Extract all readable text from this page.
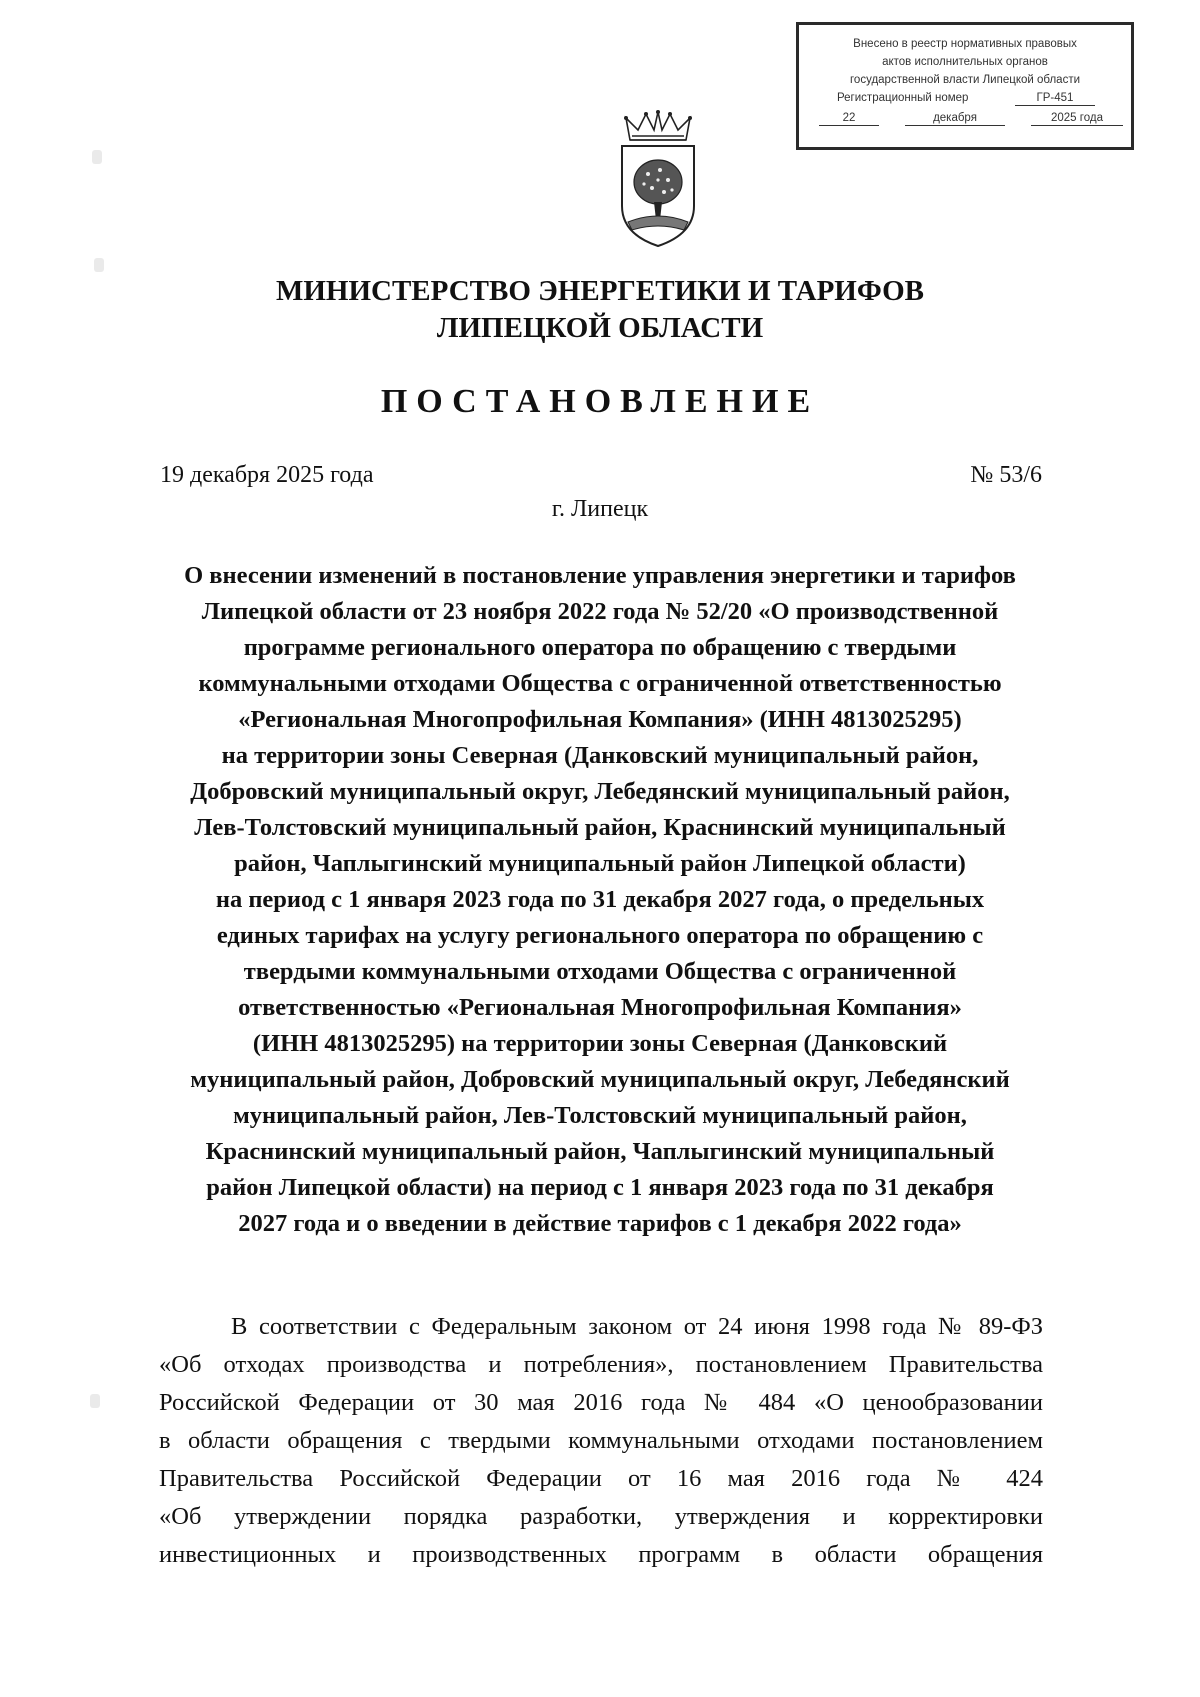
Внесено в реестр нормативных правовых
актов исполнительных органов
государственной власти Липецкой области
Регистрационный номер	ГР-451
22	декабря	2025 года
МИНИСТЕРСТВО ЭНЕРГЕТИКИ И ТАРИФОВ
ЛИПЕЦКОЙ ОБЛАСТИ
ПОСТАНОВЛЕНИЕ
19 декабря 2025 года	№ 53/6
г. Липецк
О внесении изменений в постановление управления энергетики и тарифов
Липецкой области от 23 ноября 2022 года № 52/20 «О производственной
программе регионального оператора по обращению с твердыми
коммунальными отходами Общества с ограниченной ответственностью
«Региональная Многопрофильная Компания» (ИНН 4813025295)
на территории зоны Северная (Данковский муниципальный район,
Добровский муниципальный округ, Лебедянский муниципальный район,
Лев-Толстовский муниципальный район, Краснинский муниципальный
район, Чаплыгинский муниципальный район Липецкой области)
на период с 1 января 2023 года по 31 декабря 2027 года, о предельных
единых тарифах на услугу регионального оператора по обращению с
твердыми коммунальными отходами Общества с ограниченной
ответственностью «Региональная Многопрофильная Компания»
(ИНН 4813025295) на территории зоны Северная (Данковский
муниципальный район, Добровский муниципальный округ, Лебедянский
муниципальный район, Лев-Толстовский муниципальный район,
Краснинский муниципальный район, Чаплыгинский муниципальный
район Липецкой области) на период с 1 января 2023 года по 31 декабря
2027 года и о введении в действие тарифов с 1 декабря 2022 года»
В соответствии с Федеральным законом от 24 июня 1998 года № 89-ФЗ
«Об отходах производства и потребления», постановлением Правительства
Российской Федерации от 30 мая 2016 года № 484 «О ценообразовании
в области обращения с твердыми коммунальными отходами постановлением
Правительства Российской Федерации от 16 мая 2016 года № 424
«Об утверждении порядка разработки, утверждения и корректировки
инвестиционных и производственных программ в области обращения
